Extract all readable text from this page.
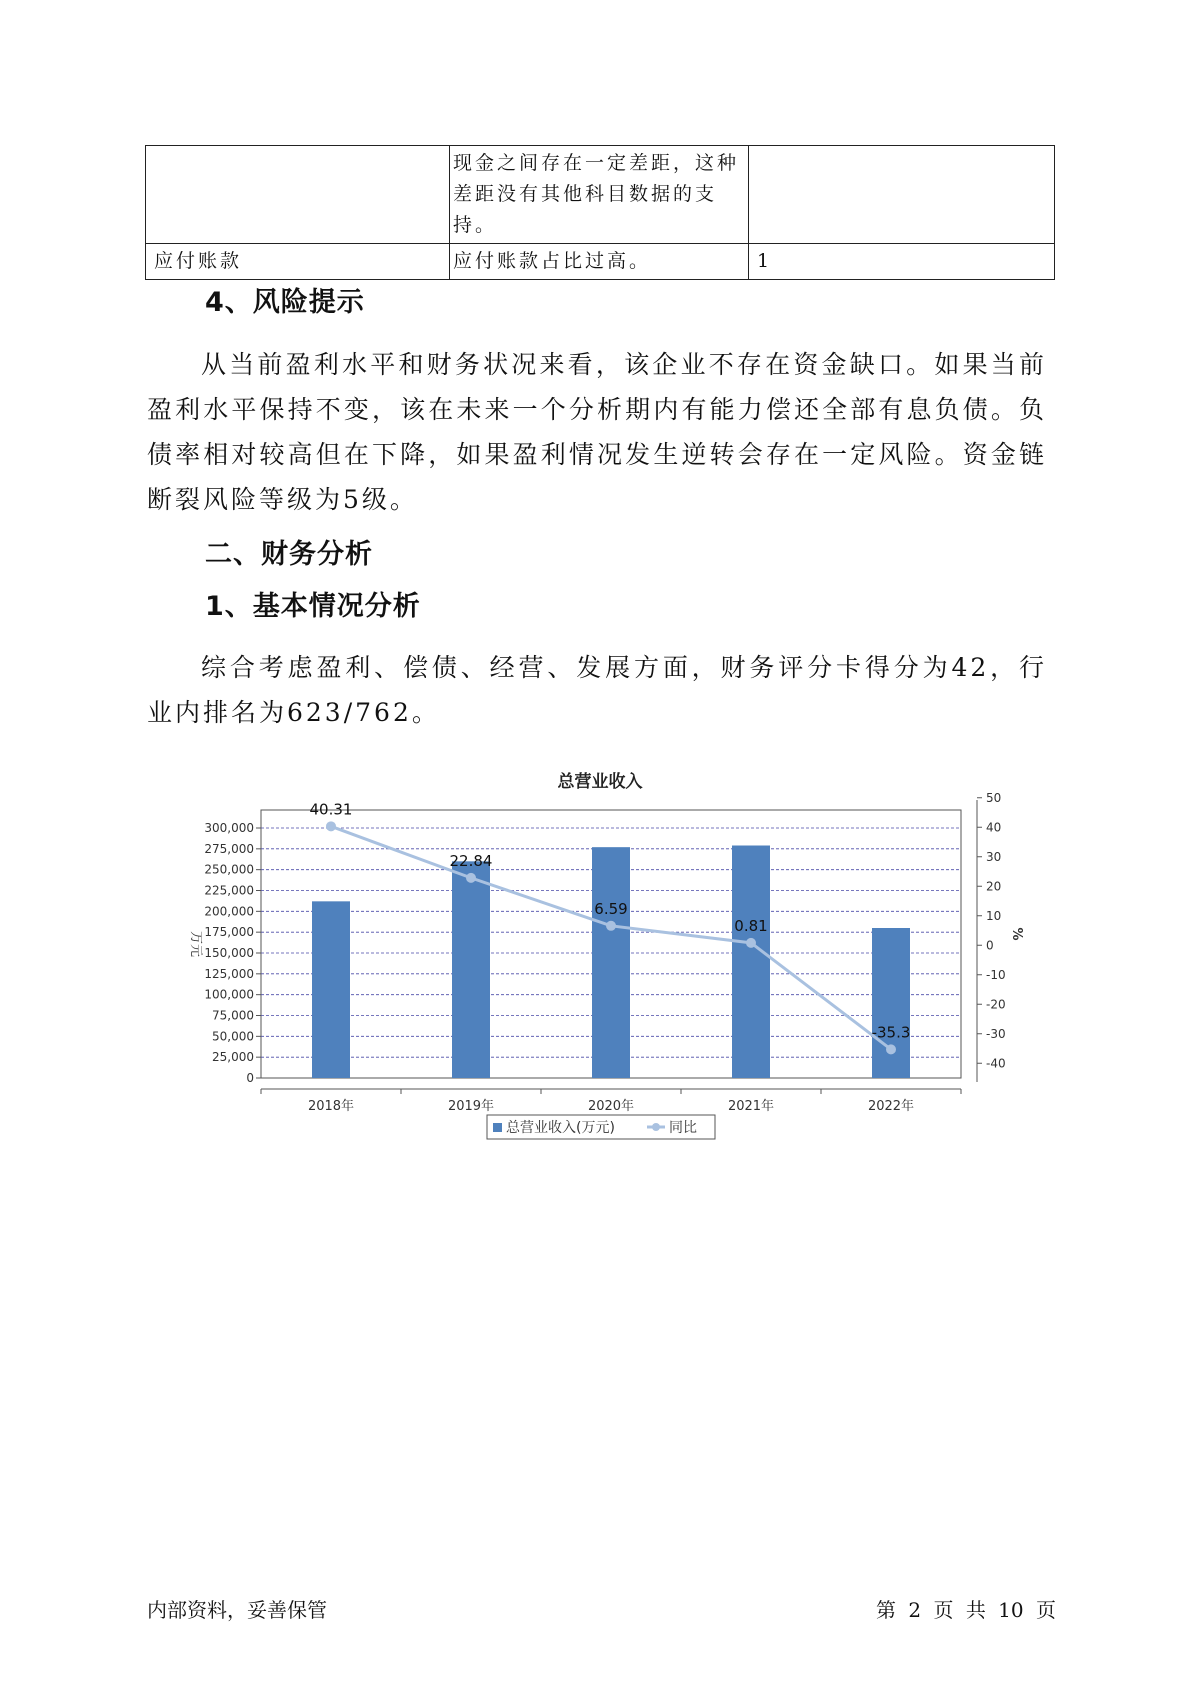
	现金之间存在一定差距，这种差距没有其他科目数据的支持。	
应付账款	应付账款占比过高。	1
4、风险提示
从当前盈利水平和财务状况来看，该企业不存在资金缺口。如果当前盈利水平保持不变，该在未来一个分析期内有能力偿还全部有息负债。负债率相对较高但在下降，如果盈利情况发生逆转会存在一定风险。资金链断裂风险等级为5级。
二、财务分析
1、基本情况分析
综合考虑盈利、偿债、经营、发展方面，财务评分卡得分为42，行业内排名为623/762。
总营业收入
40.31
22.84
6.59
0.81
-35.3
0
25,000
50,000
75,000
100,000
125,000
150,000
175,000
200,000
225,000
250,000
275,000
300,000
-40
-30
-20
-10
0
10
20
30
40
50
2018年	2019年	2020年	2021年	2022年
万元	%
总营业收入(万元)	同比
内部资料，妥善保管	第 2 页 共 10 页
